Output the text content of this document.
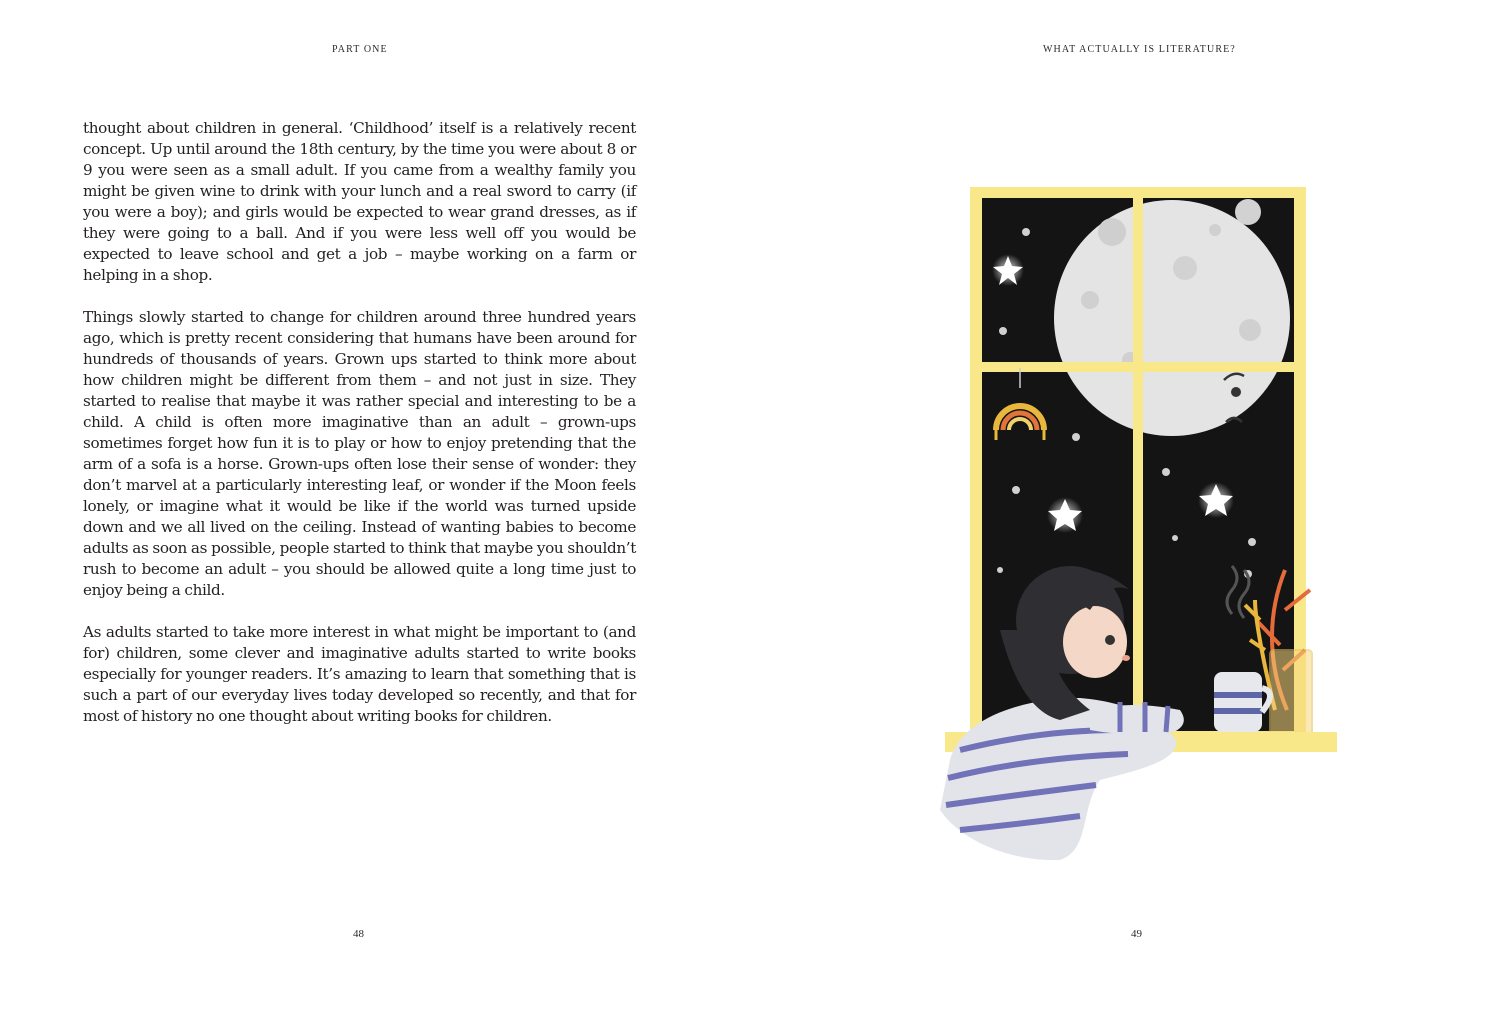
PART ONE

thought about children in general. ‘Childhood’ itself is a relatively recent concept. Up until around the 18th century, by the time you were about 8 or 9 you were seen as a small adult. If you came from a wealthy family you might be given wine to drink with your lunch and a real sword to carry (if you were a boy); and girls would be expected to wear grand dresses, as if they were going to a ball. And if you were less well off you would be expected to leave school and get a job – maybe working on a farm or helping in a shop.

Things slowly started to change for children around three hundred years ago, which is pretty recent considering that humans have been around for hundreds of thousands of years. Grown ups started to think more about how children might be different from them – and not just in size. They started to realise that maybe it was rather special and interesting to be a child. A child is often more imaginative than an adult – grown-ups sometimes forget how fun it is to play or how to enjoy pretending that the arm of a sofa is a horse. Grown-ups often lose their sense of wonder: they don’t marvel at a particularly interesting leaf, or wonder if the Moon feels lonely, or imagine what it would be like if the world was turned upside down and we all lived on the ceiling. Instead of wanting babies to become adults as soon as possible, people started to think that maybe you shouldn’t rush to become an adult – you should be allowed quite a long time just to enjoy being a child.

As adults started to take more interest in what might be important to (and for) children, some clever and imaginative adults started to write books especially for younger readers. It’s amazing to learn that something that is such a part of our everyday lives today developed so recently, and that for most of history no one thought about writing books for children.

48
WHAT ACTUALLY IS LITERATURE?
49
